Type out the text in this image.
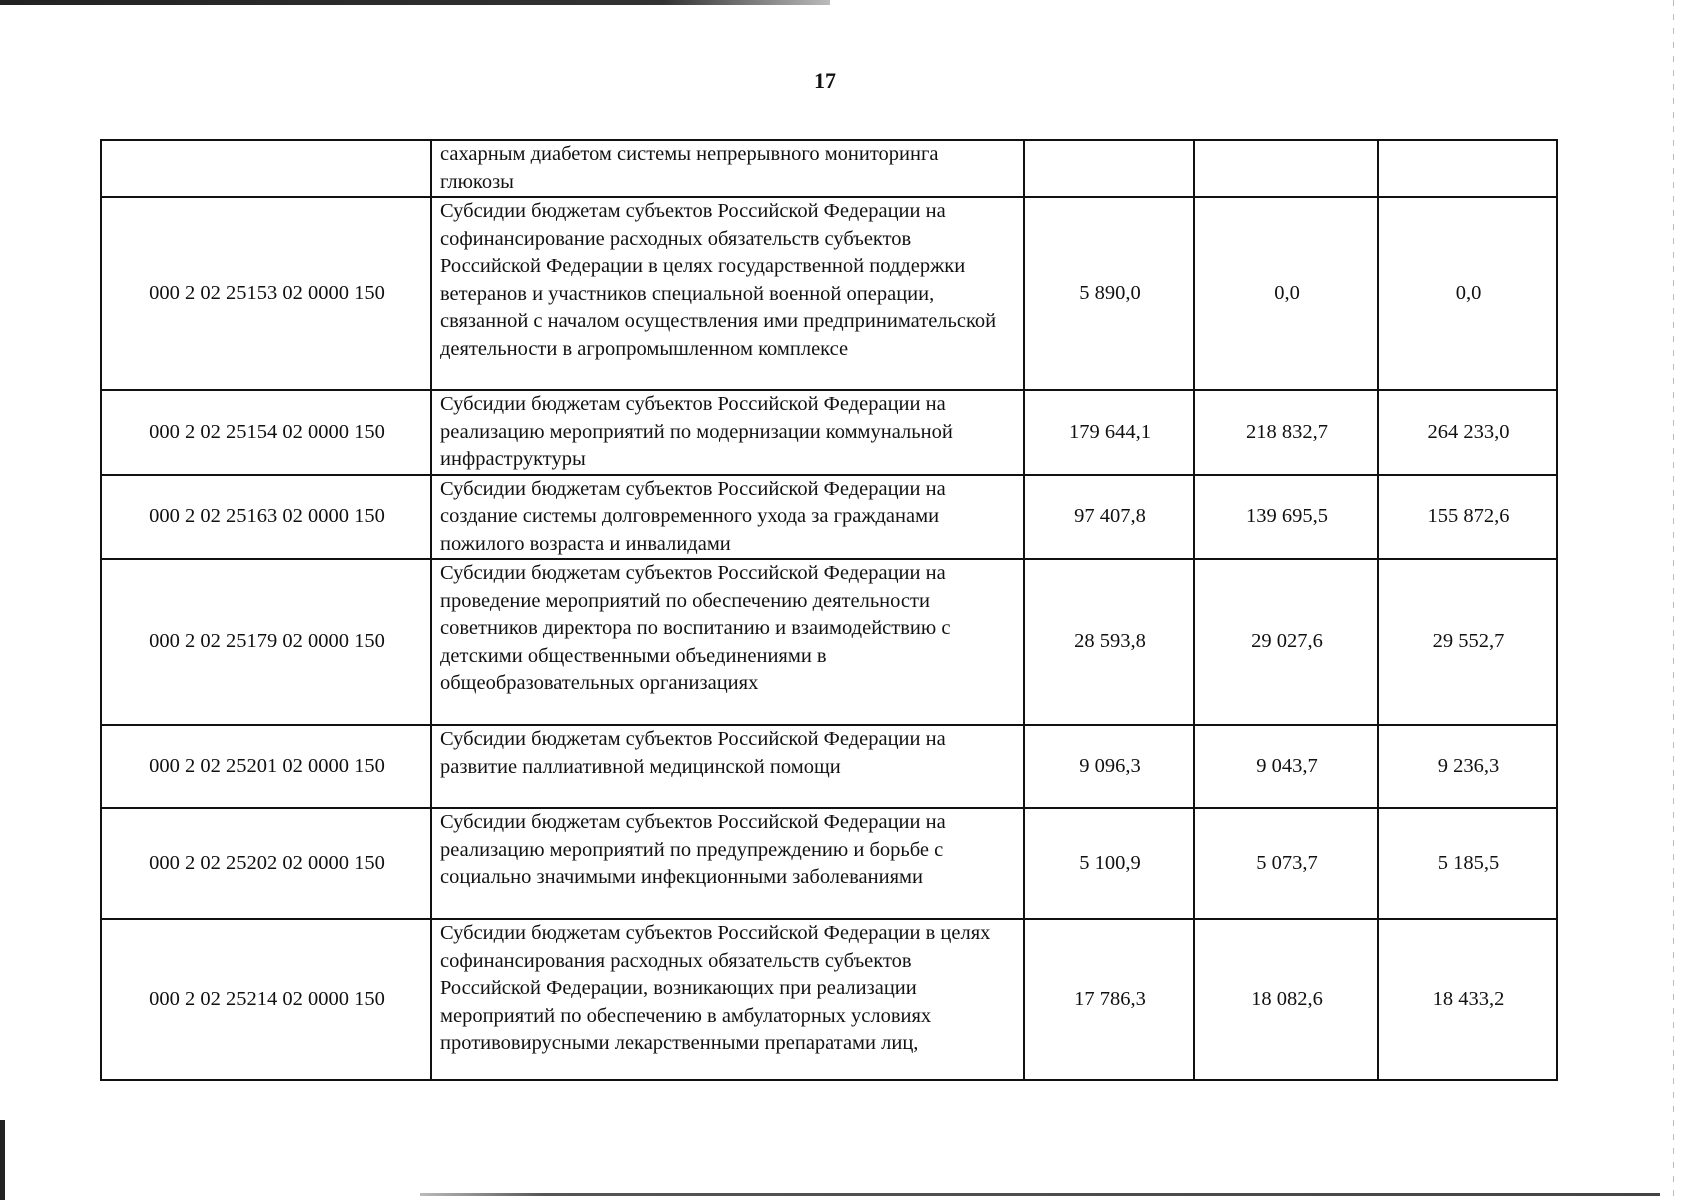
17
	сахарным диабетом системы непрерывного мониторинга глюкозы			
000 2 02 25153 02 0000 150	Субсидии бюджетам субъектов Российской Федерации на софинансирование расходных обязательств субъектов Российской Федерации в целях государственной поддержки ветеранов и участников специальной военной операции, связанной с началом осуществления ими предпринимательской деятельности в агропромышленном комплексе	5 890,0	0,0	0,0
000 2 02 25154 02 0000 150	Субсидии бюджетам субъектов Российской Федерации на реализацию мероприятий по модернизации коммунальной инфраструктуры	179 644,1	218 832,7	264 233,0
000 2 02 25163 02 0000 150	Субсидии бюджетам субъектов Российской Федерации на создание системы долговременного ухода за гражданами пожилого возраста и инвалидами	97 407,8	139 695,5	155 872,6
000 2 02 25179 02 0000 150	Субсидии бюджетам субъектов Российской Федерации на проведение мероприятий по обеспечению деятельности советников директора по воспитанию и взаимодействию с детскими общественными объединениями в общеобразовательных организациях	28 593,8	29 027,6	29 552,7
000 2 02 25201 02 0000 150	Субсидии бюджетам субъектов Российской Федерации на развитие паллиативной медицинской помощи	9 096,3	9 043,7	9 236,3
000 2 02 25202 02 0000 150	Субсидии бюджетам субъектов Российской Федерации на реализацию мероприятий по предупреждению и борьбе с социально значимыми инфекционными заболеваниями	5 100,9	5 073,7	5 185,5
000 2 02 25214 02 0000 150	Субсидии бюджетам субъектов Российской Федерации в целях софинансирования расходных обязательств субъектов Российской Федерации, возникающих при реализации мероприятий по обеспечению в амбулаторных условиях противовирусными лекарственными препаратами лиц,	17 786,3	18 082,6	18 433,2
